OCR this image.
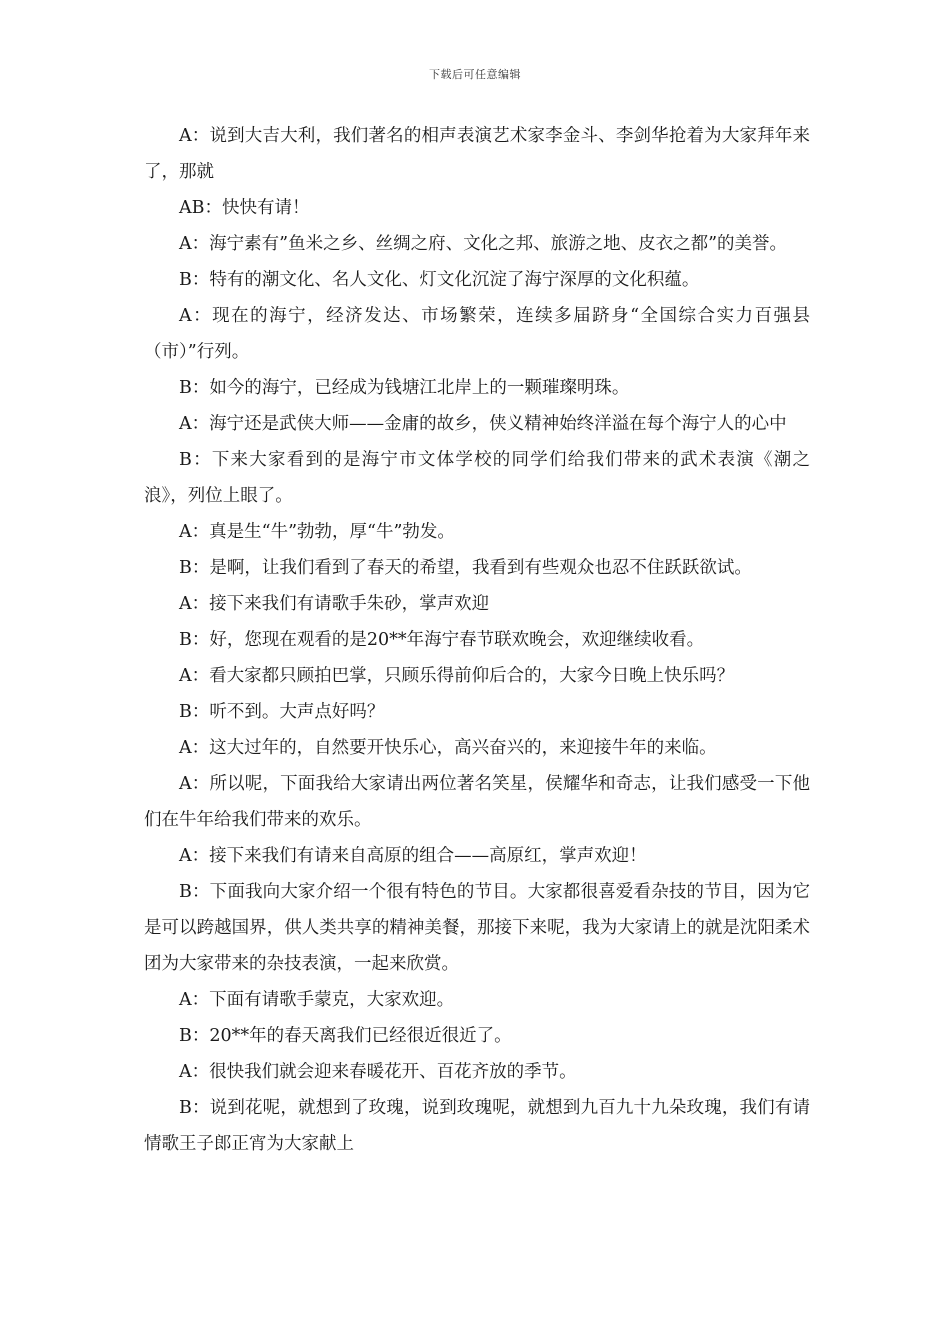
下载后可任意编辑

A：说到大吉大利，我们著名的相声表演艺术家李金斗、李剑华抢着为大家拜年来了，那就

AB：快快有请！

A：海宁素有”鱼米之乡、丝绸之府、文化之邦、旅游之地、皮衣之都”的美誉。

B：特有的潮文化、名人文化、灯文化沉淀了海宁深厚的文化积蕴。

A：现在的海宁，经济发达、市场繁荣，连续多届跻身“全国综合实力百强县（市）”行列。

B：如今的海宁，已经成为钱塘江北岸上的一颗璀璨明珠。

A：海宁还是武侠大师——金庸的故乡，侠义精神始终洋溢在每个海宁人的心中

B：下来大家看到的是海宁市文体学校的同学们给我们带来的武术表演《潮之浪》，列位上眼了。

A：真是生“牛”勃勃，厚“牛”勃发。

B：是啊，让我们看到了春天的希望，我看到有些观众也忍不住跃跃欲试。

A：接下来我们有请歌手朱砂，掌声欢迎

B：好，您现在观看的是20**年海宁春节联欢晚会，欢迎继续收看。

A：看大家都只顾拍巴掌，只顾乐得前仰后合的，大家今日晚上快乐吗？

B：听不到。大声点好吗？

A：这大过年的，自然要开快乐心，高兴奋兴的，来迎接牛年的来临。

A：所以呢，下面我给大家请出两位著名笑星，侯耀华和奇志，让我们感受一下他们在牛年给我们带来的欢乐。

A：接下来我们有请来自高原的组合——高原红，掌声欢迎！

B：下面我向大家介绍一个很有特色的节目。大家都很喜爱看杂技的节目，因为它是可以跨越国界，供人类共享的精神美餐，那接下来呢，我为大家请上的就是沈阳柔术团为大家带来的杂技表演，一起来欣赏。

A：下面有请歌手蒙克，大家欢迎。

B：20**年的春天离我们已经很近很近了。

A：很快我们就会迎来春暖花开、百花齐放的季节。

B：说到花呢，就想到了玫瑰，说到玫瑰呢，就想到九百九十九朵玫瑰，我们有请情歌王子郎正宵为大家献上
